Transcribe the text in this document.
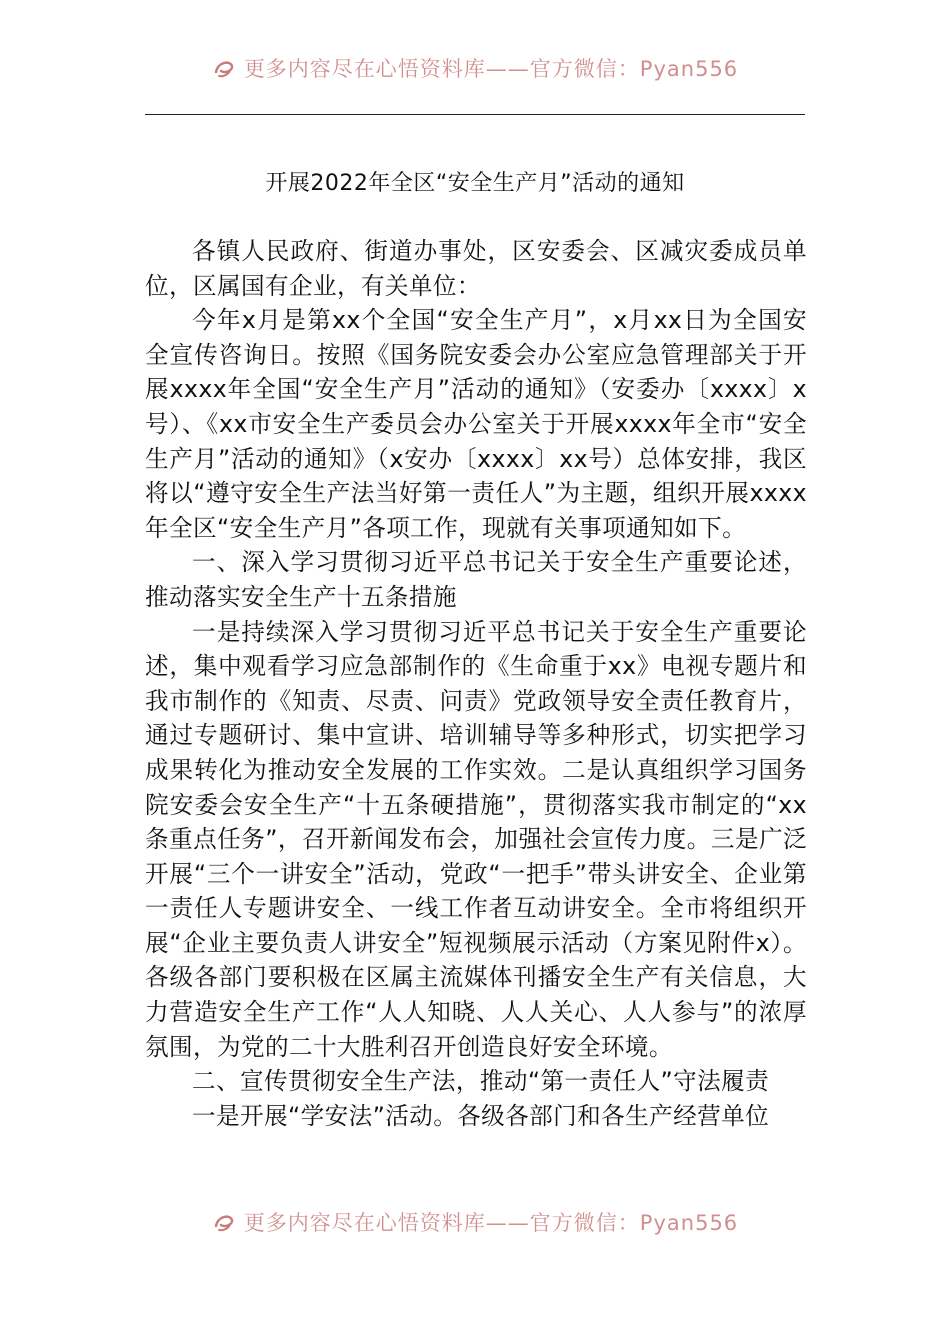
更多内容尽在心悟资料库——官方微信：Pyan556
开展2022年全区“安全生产月”活动的通知

各镇人民政府、街道办事处，区安委会、区减灾委成员单位，区属国有企业，有关单位：

今年x月是第xx个全国“安全生产月”，x月xx日为全国安全宣传咨询日。按照《国务院安委会办公室应急管理部关于开展xxxx年全国“安全生产月”活动的通知》（安委办〔xxxx〕x号）、《xx市安全生产委员会办公室关于开展xxxx年全市“安全生产月”活动的通知》（x安办〔xxxx〕xx号）总体安排，我区将以“遵守安全生产法当好第一责任人”为主题，组织开展xxxx年全区“安全生产月”各项工作，现就有关事项通知如下。

一、深入学习贯彻习近平总书记关于安全生产重要论述，推动落实安全生产十五条措施

一是持续深入学习贯彻习近平总书记关于安全生产重要论述，集中观看学习应急部制作的《生命重于xx》电视专题片和我市制作的《知责、尽责、问责》党政领导安全责任教育片，通过专题研讨、集中宣讲、培训辅导等多种形式，切实把学习成果转化为推动安全发展的工作实效。二是认真组织学习国务院安委会安全生产“十五条硬措施”，贯彻落实我市制定的“xx条重点任务”，召开新闻发布会，加强社会宣传力度。三是广泛开展“三个一讲安全”活动，党政“一把手”带头讲安全、企业第一责任人专题讲安全、一线工作者互动讲安全。全市将组织开展“企业主要负责人讲安全”短视频展示活动（方案见附件x）。各级各部门要积极在区属主流媒体刊播安全生产有关信息，大力营造安全生产工作“人人知晓、人人关心、人人参与”的浓厚氛围，为党的二十大胜利召开创造良好安全环境。

二、宣传贯彻安全生产法，推动“第一责任人”守法履责

一是开展“学安法”活动。各级各部门和各生产经营单位

更多内容尽在心悟资料库——官方微信：Pyan556
